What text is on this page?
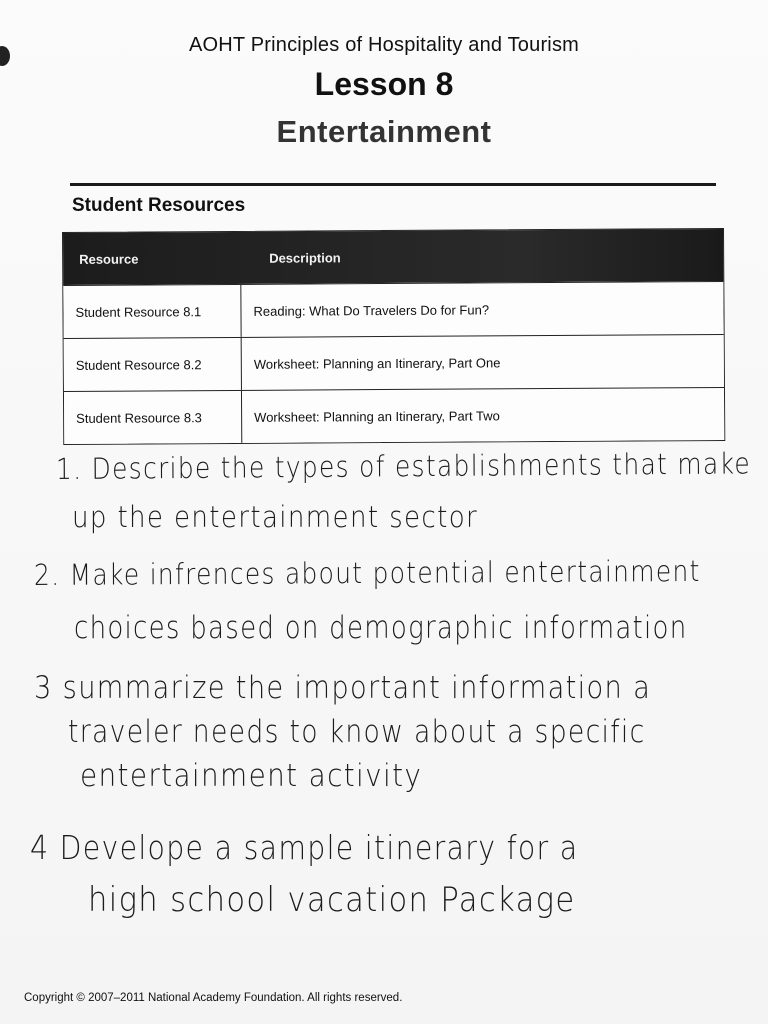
AOHT Principles of Hospitality and Tourism
Lesson 8
Entertainment
Student Resources
Resource	Description
Student Resource 8.1	Reading: What Do Travelers Do for Fun?
Student Resource 8.2	Worksheet: Planning an Itinerary, Part One
Student Resource 8.3	Worksheet: Planning an Itinerary, Part Two
1. Describe the types of establishments that make
up the entertainment sector
2. Make infrences about potential entertainment
choices based on demographic information
3 summarize the important information a
traveler needs to know about a specific
entertainment activity
4 Develope a sample itinerary for a
high school vacation Package
Copyright © 2007–2011 National Academy Foundation. All rights reserved.
